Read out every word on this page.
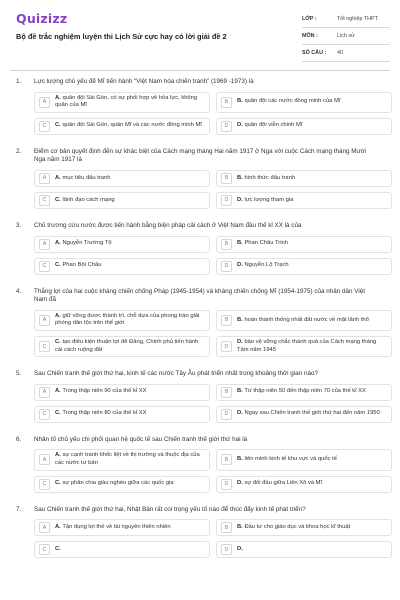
Quizizz
Bộ đề trắc nghiệm luyện thi Lịch Sử cực hay có lời giải đề 2
LỚP :	Tốt nghiệp THPT
MÔN :	Lịch sử
SỐ CÂU :	40
1.	Lực lượng chủ yếu để Mĩ tiến hành “Việt Nam hóa chiến tranh” (1969 -1973) là
A
A. quân đội Sài Gòn, có sự phối hợp về hỏa lực, không quân của Mĩ	B	B. quân đội các nước đồng minh của Mĩ
C	C. quân đội Sài Gòn, quân Mĩ và các nước đồng minh Mĩ	D	D. quân đội viễn chinh Mĩ
2.	Điểm cơ bản quyết định đến sự khác biệt của Cách mạng tháng Hai năm 1917 ở Nga với cuộc Cách mạng tháng Mười Nga năm 1917 là
A	A. mục tiêu đấu tranh	B	B. hình thức đấu tranh
C	C. lãnh đạo cách mạng	D	D. lực lượng tham gia
3.	Chủ trương cứu nước được tiến hành bằng biện pháp cải cách ở Việt Nam đầu thế kỉ XX là của
A	A. Nguyễn Trường Tộ	B	B. Phan Châu Trinh
C	C. Phan Bội Châu	D	D. Nguyễn Lộ Trạch
4.	Thắng lợi của hai cuộc kháng chiến chống Pháp (1945-1954) và kháng chiến chống Mĩ (1954-1975) của nhân dân Việt Nam đã
A
A. giữ vững được thành trì, chỗ dựa của phong trào giải phóng dân tộc trên thế giới	B	B. hoàn thành thống nhất đất nước về mặt lãnh thổ
C
C. tạo điều kiện thuận lợi để Đảng, Chính phủ tiến hành cải cách ruộng đất	D
D. bảo vệ vững chắc thành quả của Cách mạng tháng Tám năm 1945
5.	Sau Chiến tranh thế giới thứ hai, kinh tế các nước Tây Âu phát triển nhất trong khoảng thời gian nào?
A	A. Trong thập niên 90 của thế kỉ XX	B	B. Từ thập niên 50 đến thập niên 70 của thế kỉ XX
C	C. Trong thập niên 80 của thế kỉ XX	D	D. Ngay sau Chiến tranh thế giới thứ hai đến năm 1950
6.	Nhân tố chủ yếu chi phối quan hệ quốc tế sau Chiến tranh thế giới thứ hai là
A
A. sự cạnh tranh khốc liệt về thị trường và thuộc địa của các nước tư bản	B	B. liên minh kinh tế khu vực và quốc tế
C	C. sự phân chia giàu nghèo giữa các quốc gia	D	D. sự đối đầu giữa Liên Xô và Mĩ
7.	Sau Chiến tranh thế giới thứ hai, Nhật Bản rất coi trọng yếu tố nào để thúc đẩy kinh tế phát triển?
A	A. Tận dụng lợi thế về tài nguyên thiên nhiên	B	B. Đầu tư cho giáo dục và khoa học kĩ thuật
C	C.	D	D.
